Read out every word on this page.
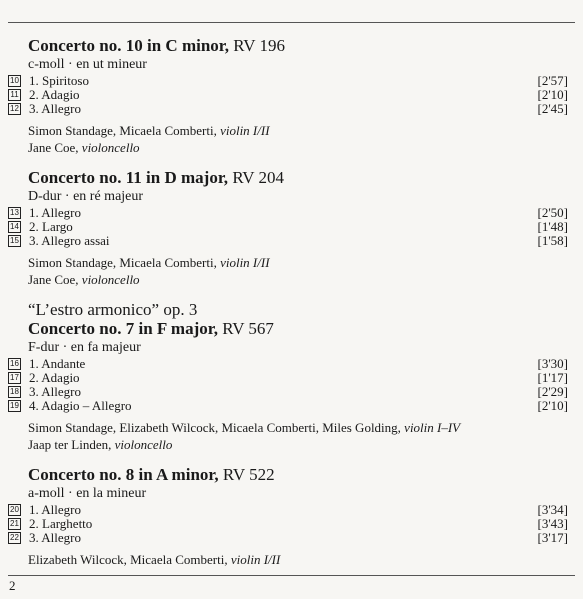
Concerto no. 10 in C minor, RV 196
c-moll · en ut mineur
10 1. Spiritoso	[2'57]
11 2. Adagio	[2'10]
12 3. Allegro	[2'45]
Simon Standage, Micaela Comberti, violin I/II
Jane Coe, violoncello
Concerto no. 11 in D major, RV 204
D-dur · en ré majeur
13 1. Allegro	[2'50]
14 2. Largo	[1'48]
15 3. Allegro assai	[1'58]
Simon Standage, Micaela Comberti, violin I/II
Jane Coe, violoncello
“L’estro armonico” op. 3
Concerto no. 7 in F major, RV 567
F-dur · en fa majeur
16 1. Andante	[3'30]
17 2. Adagio	[1'17]
18 3. Allegro	[2'29]
19 4. Adagio – Allegro	[2'10]
Simon Standage, Elizabeth Wilcock, Micaela Comberti, Miles Golding, violin I–IV
Jaap ter Linden, violoncello
Concerto no. 8 in A minor, RV 522
a-moll · en la mineur
20 1. Allegro	[3'34]
21 2. Larghetto	[3'43]
22 3. Allegro	[3'17]
Elizabeth Wilcock, Micaela Comberti, violin I/II
2
